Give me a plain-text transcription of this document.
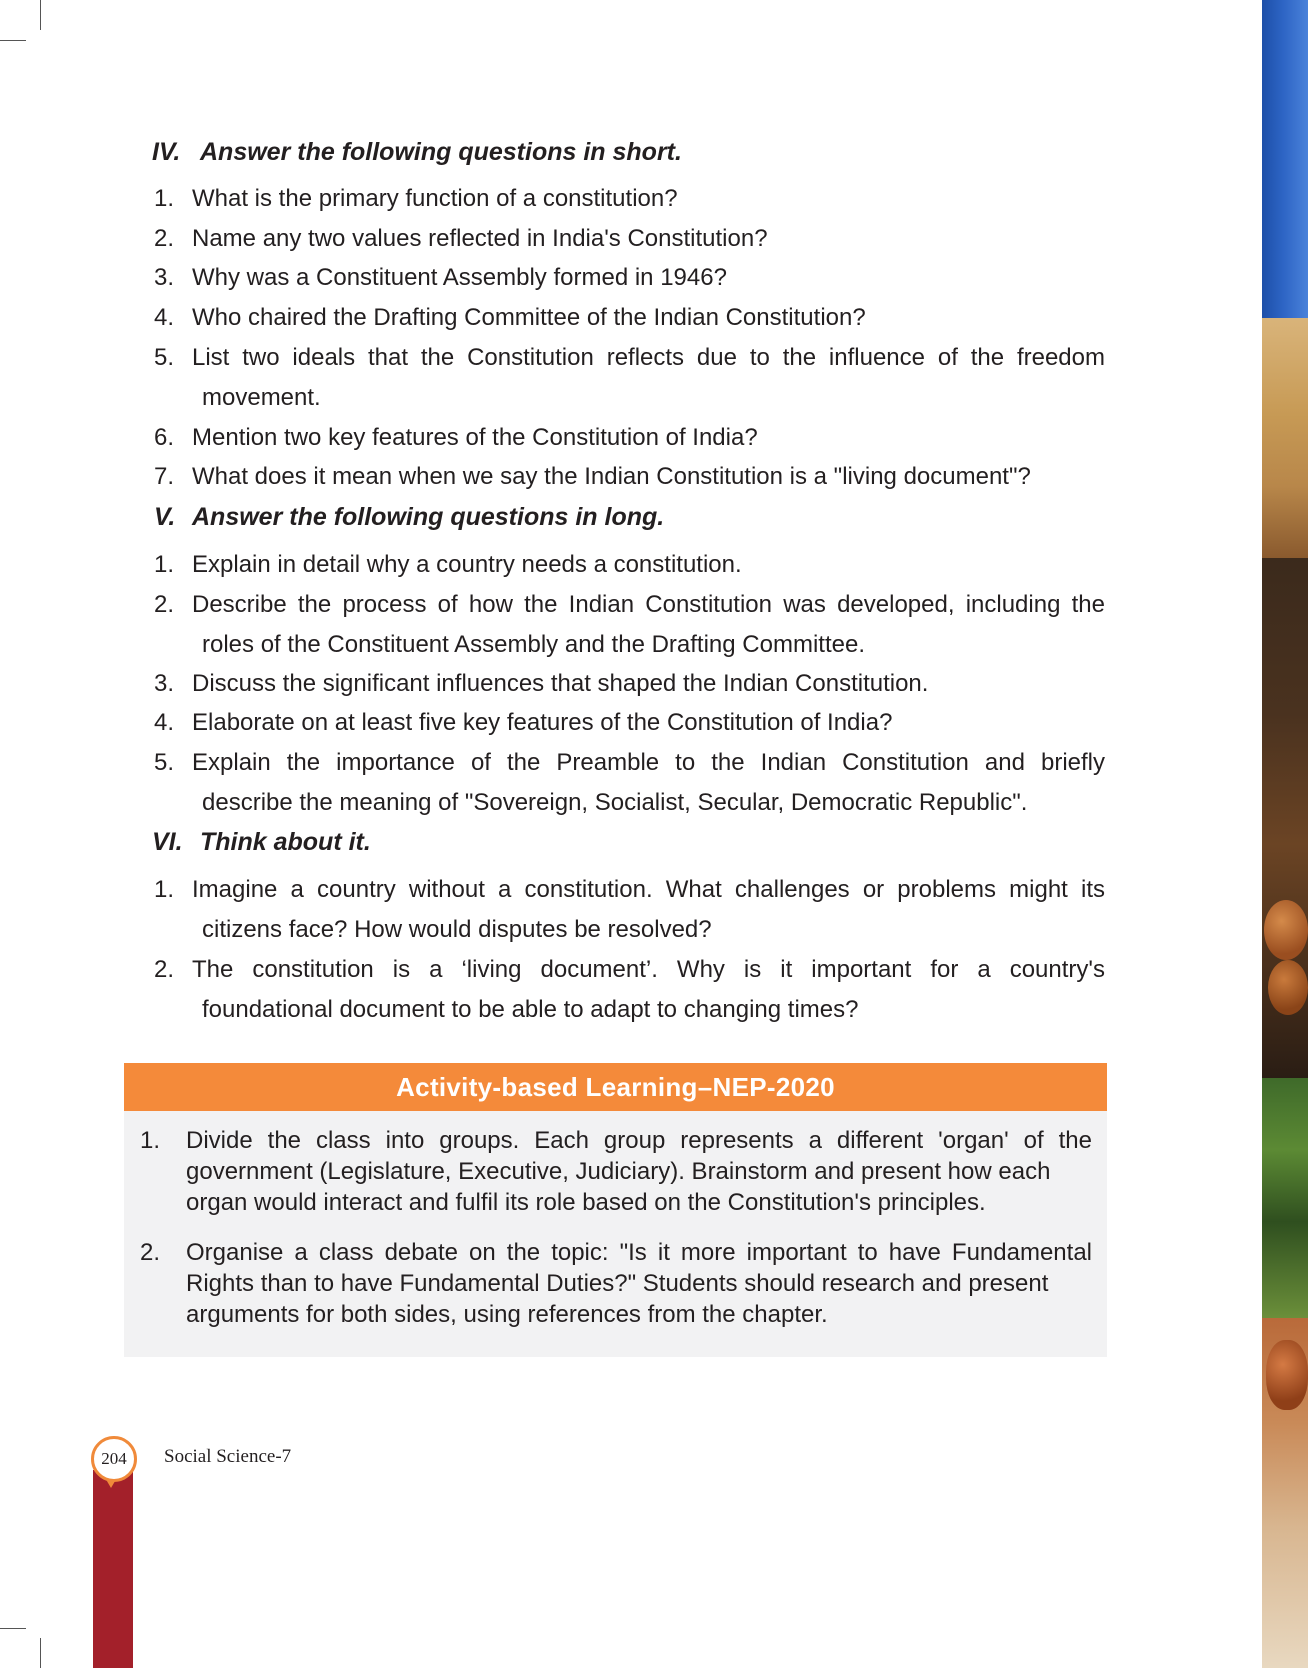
IV. Answer the following questions in short.
1. What is the primary function of a constitution?
2. Name any two values reflected in India's Constitution?
3. Why was a Constituent Assembly formed in 1946?
4. Who chaired the Drafting Committee of the Indian Constitution?
5. List two ideals that the Constitution reflects due to the influence of the freedom
movement.
6. Mention two key features of the Constitution of India?
7. What does it mean when we say the Indian Constitution is a "living document"?
V. Answer the following questions in long.
1. Explain in detail why a country needs a constitution.
2. Describe the process of how the Indian Constitution was developed, including the
roles of the Constituent Assembly and the Drafting Committee.
3. Discuss the significant influences that shaped the Indian Constitution.
4. Elaborate on at least five key features of the Constitution of India?
5. Explain the importance of the Preamble to the Indian Constitution and briefly
describe the meaning of "Sovereign, Socialist, Secular, Democratic Republic".
VI. Think about it.
1. Imagine a country without a constitution. What challenges or problems might its
citizens face? How would disputes be resolved?
2. The constitution is a ‘living document’. Why is it important for a country's
foundational document to be able to adapt to changing times?
Activity-based Learning–NEP-2020
1.	Divide the class into groups. Each group represents a different 'organ' of the
government (Legislature, Executive, Judiciary). Brainstorm and present how each
organ would interact and fulfil its role based on the Constitution's principles.
2.	Organise a class debate on the topic: "Is it more important to have Fundamental
Rights than to have Fundamental Duties?" Students should research and present
arguments for both sides, using references from the chapter.
204 Social Science-7
